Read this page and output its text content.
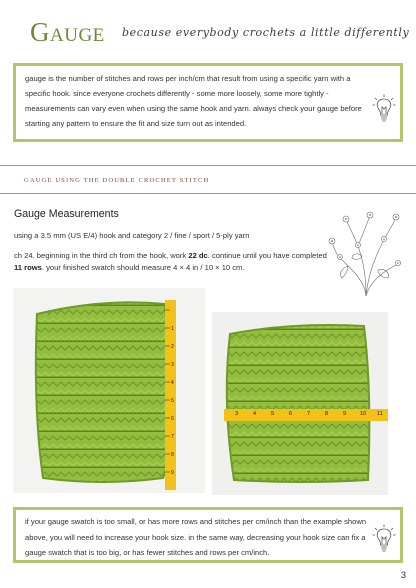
Gauge because everybody crochets a little differently
gauge is the number of stitches and rows per inch/cm that result from using a specific yarn with a specific hook. since everyone crochets differently - some more loosely, some more tightly - measurements can vary even when using the same hook and yarn. always check your gauge before starting any pattern to ensure the fit and size turn out as intended.
GAUGE USING THE DOUBLE CROCHET STITCH
Gauge Measurements
using a 3.5 mm (US E/4) hook and category 2 / fine / sport / 5-ply yarn
ch 24. beginning in the third ch from the hook, work 22 dc. continue until you have completed 11 rows. your finished swatch should measure 4 × 4 in / 10 × 10 cm.
1
2
3
4
5
6
7
8
9
3	4	5	6	7	8	9	10 11
if your gauge swatch is too small, or has more rows and stitches per cm/inch than the example shown above, you will need to increase your hook size. in the same way, decreasing your hook size can fix a gauge swatch that is too big, or has fewer stitches and rows per cm/inch.
3
